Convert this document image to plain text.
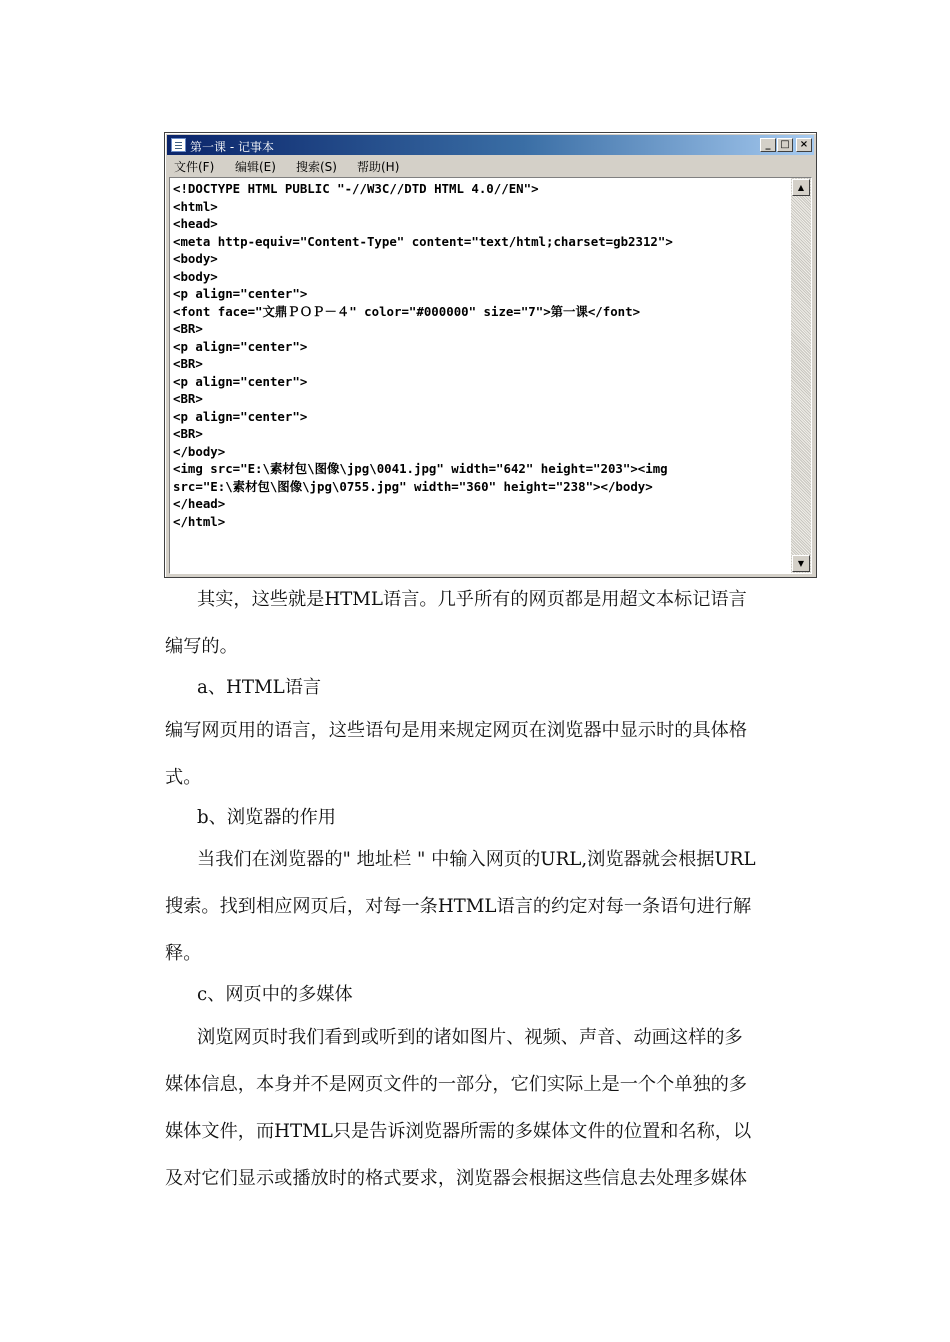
第一课 - 记事本	_ □	×
文件(F) 编辑(E) 搜索(S) 帮助(H)
<!DOCTYPE HTML PUBLIC "-//W3C//DTD HTML 4.0//EN">
<html>
<head>
<meta http-equiv="Content-Type" content="text/html;charset=gb2312">
<body>
<body>
<p align="center">
<font face="文鼎ＰＯＰ－４" color="#000000" size="7">第一课</font>
<BR>
<p align="center">
<BR>
<p align="center">
<BR>
<p align="center">
<BR>
</body>
<img src="E:\素材包\图像\jpg\0041.jpg" width="642" height="203"><img
src="E:\素材包\图像\jpg\0755.jpg" width="360" height="238"></body>
</head>
</html>

▲
▼
其实，这些就是HTML语言。几乎所有的网页都是用超文本标记语言
编写的。
a、HTML语言
编写网页用的语言，这些语句是用来规定网页在浏览器中显示时的具体格
式。
b、浏览器的作用
当我们在浏览器的" 地址栏 " 中输入网页的URL,浏览器就会根据URL
搜索。找到相应网页后，对每一条HTML语言的约定对每一条语句进行解
释。
c、网页中的多媒体
浏览网页时我们看到或听到的诸如图片、视频、声音、动画这样的多
媒体信息，本身并不是网页文件的一部分，它们实际上是一个个单独的多
媒体文件，而HTML只是告诉浏览器所需的多媒体文件的位置和名称，以
及对它们显示或播放时的格式要求，浏览器会根据这些信息去处理多媒体
